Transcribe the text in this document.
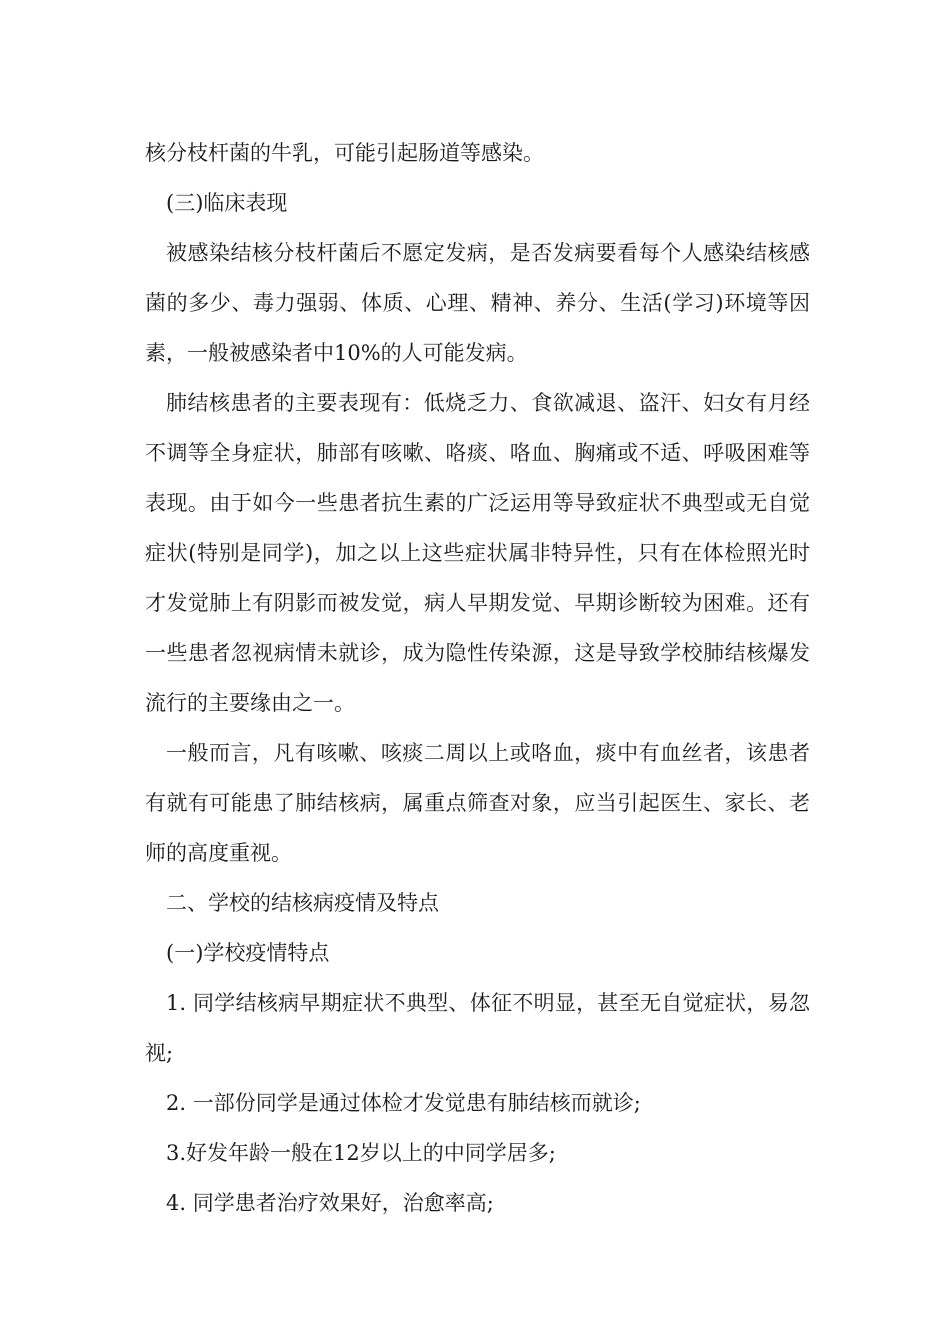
核分枝杆菌的牛乳，可能引起肠道等感染。

(三)临床表现

被感染结核分枝杆菌后不愿定发病，是否发病要看每个人感染结核感菌的多少、毒力强弱、体质、心理、精神、养分、生活(学习)环境等因素，一般被感染者中10%的人可能发病。

肺结核患者的主要表现有：低烧乏力、食欲减退、盗汗、妇女有月经不调等全身症状，肺部有咳嗽、咯痰、咯血、胸痛或不适、呼吸困难等表现。由于如今一些患者抗生素的广泛运用等导致症状不典型或无自觉症状(特别是同学)，加之以上这些症状属非特异性，只有在体检照光时才发觉肺上有阴影而被发觉，病人早期发觉、早期诊断较为困难。还有一些患者忽视病情未就诊，成为隐性传染源，这是导致学校肺结核爆发流行的主要缘由之一。

一般而言，凡有咳嗽、咳痰二周以上或咯血，痰中有血丝者，该患者有就有可能患了肺结核病，属重点筛查对象，应当引起医生、家长、老师的高度重视。

二、学校的结核病疫情及特点

(一)学校疫情特点

1. 同学结核病早期症状不典型、体征不明显，甚至无自觉症状，易忽视;

2. 一部份同学是通过体检才发觉患有肺结核而就诊;

3.好发年龄一般在12岁以上的中同学居多;

4. 同学患者治疗效果好，治愈率高;
